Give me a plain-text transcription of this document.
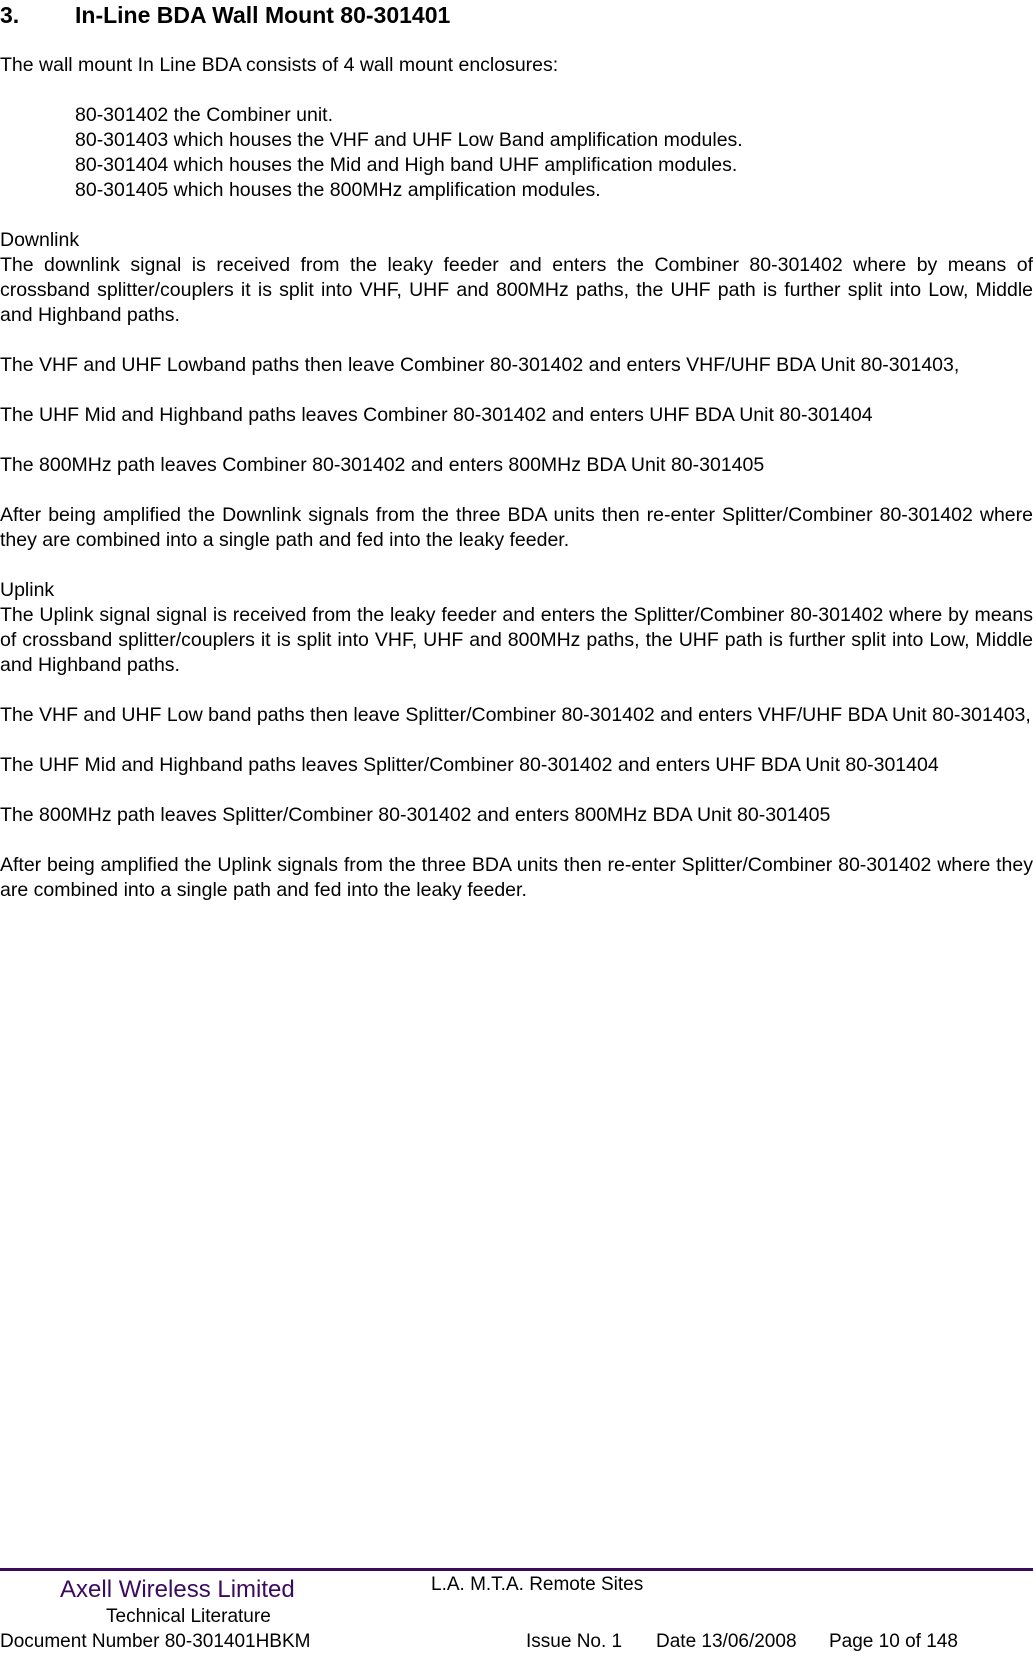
3. In-Line BDA Wall Mount 80-301401

The wall mount In Line BDA consists of 4 wall mount enclosures:

80-301402 the Combiner unit.

80-301403 which houses the VHF and UHF Low Band amplification modules.

80-301404 which houses the Mid and High band UHF amplification modules.

80-301405 which houses the 800MHz amplification modules.

Downlink

The downlink signal is received from the leaky feeder and enters the Combiner 80-301402 where by means of crossband splitter/couplers it is split into VHF, UHF and 800MHz paths, the UHF path is further split into Low, Middle and Highband paths.

The VHF and UHF Lowband paths then leave Combiner 80-301402 and enters VHF/UHF BDA Unit 80-301403,

The UHF Mid and Highband paths leaves Combiner 80-301402 and enters UHF BDA Unit 80-301404

The 800MHz path leaves Combiner 80-301402 and enters 800MHz BDA Unit 80-301405

After being amplified the Downlink signals from the three BDA units then re-enter Splitter/Combiner 80-301402 where they are combined into a single path and fed into the leaky feeder.

Uplink

The Uplink signal signal is received from the leaky feeder and enters the Splitter/Combiner 80-301402 where by means of crossband splitter/couplers it is split into VHF, UHF and 800MHz paths, the UHF path is further split into Low, Middle and Highband paths.

The VHF and UHF Low band paths then leave Splitter/Combiner 80-301402 and enters VHF/UHF BDA Unit 80-301403,

The UHF Mid and Highband paths leaves Splitter/Combiner 80-301402 and enters UHF BDA Unit 80-301404

The 800MHz path leaves Splitter/Combiner 80-301402 and enters 800MHz BDA Unit 80-301405

After being amplified the Uplink signals from the three BDA units then re-enter Splitter/Combiner 80-301402 where they are combined into a single path and fed into the leaky feeder.

Axell Wireless Limited	L.A. M.T.A. Remote Sites
Technical Literature
Document Number 80-301401HBKM	Issue No. 1 Date 13/06/2008 Page 10 of 148
